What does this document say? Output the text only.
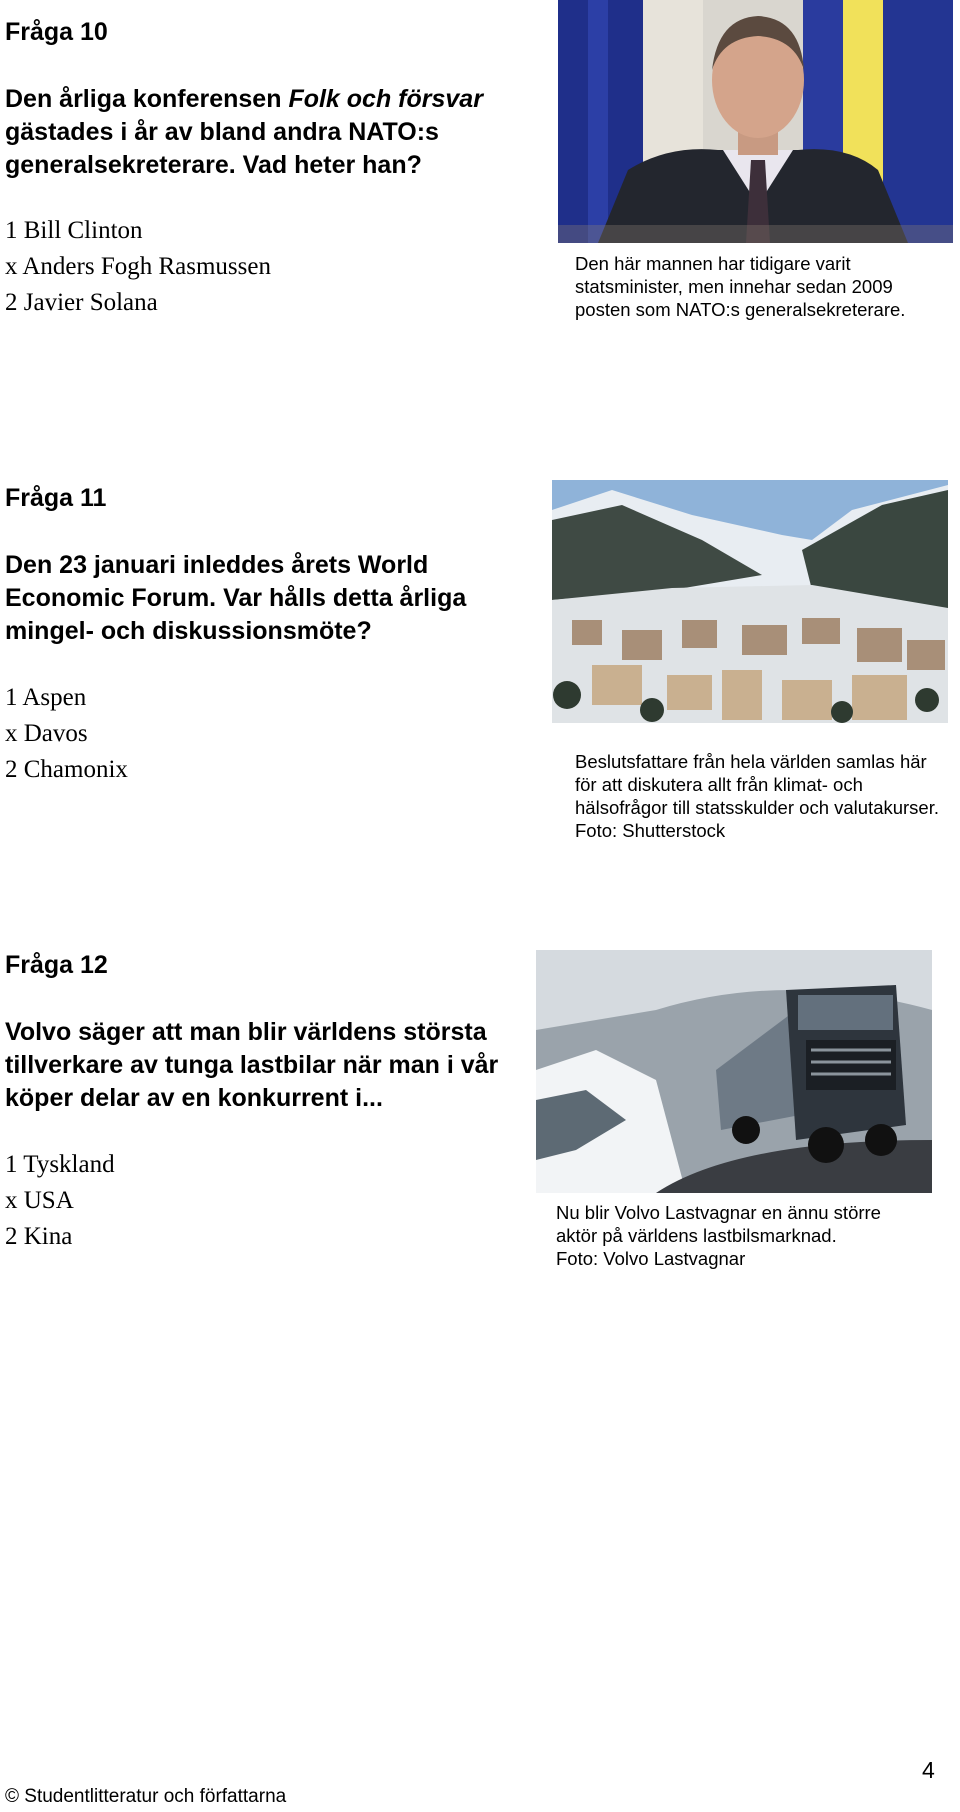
Fråga 10
Den årliga konferensen Folk och försvar gästades i år av bland andra NATO:s generalsekreterare. Vad heter han?
1 Bill Clinton
x Anders Fogh Rasmussen
2 Javier Solana
Den här mannen har tidigare varit statsminister, men innehar sedan 2009 posten som NATO:s generalsekreterare.
Fråga 11
Den 23 januari inleddes årets World Economic Forum. Var hålls detta årliga mingel- och diskussionsmöte?
1 Aspen
x Davos
2 Chamonix	Beslutsfattare från hela världen samlas här för att diskutera allt från klimat- och hälsofrågor till statsskulder och valutakurser. Foto: Shutterstock
Fråga 12
Volvo säger att man blir världens största tillverkare av tunga lastbilar när man i vår köper delar av en konkurrent i...
1 Tyskland
x USA
2 Kina
Nu blir Volvo Lastvagnar en ännu större
aktör på världens lastbilsmarknad.
Foto: Volvo Lastvagnar
4
© Studentlitteratur och författarna
